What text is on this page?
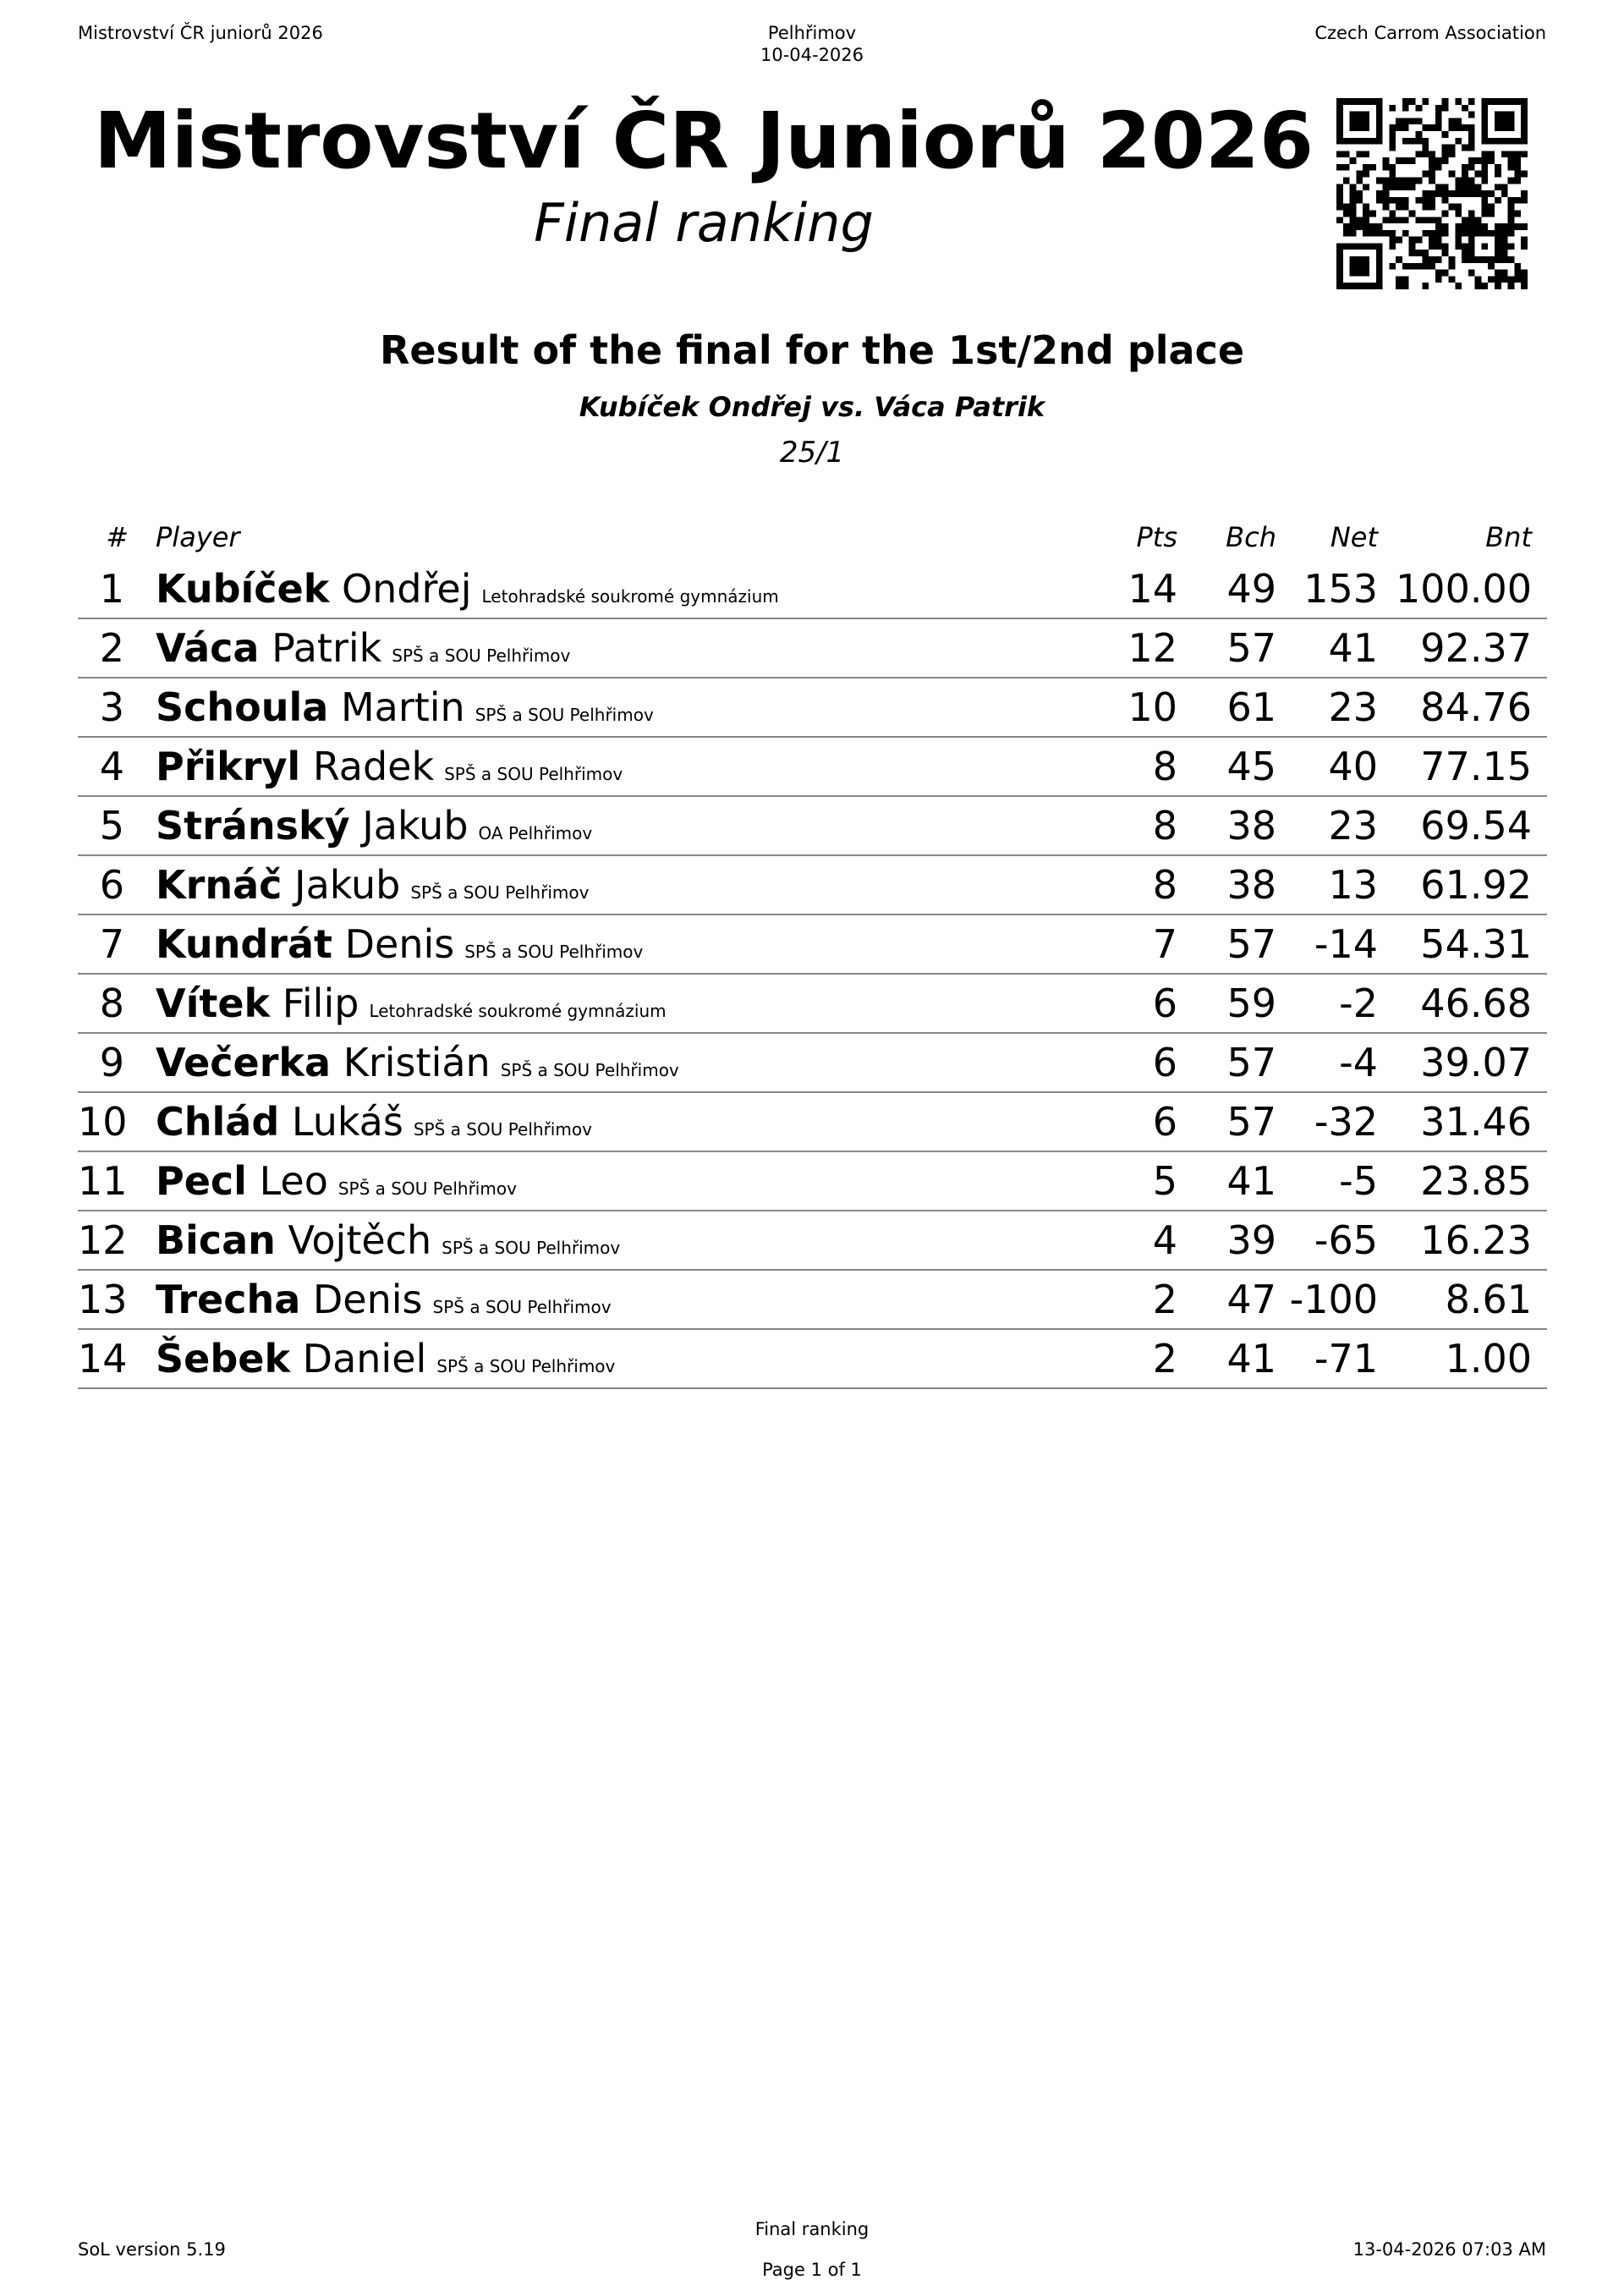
Mistrovství ČR juniorů 2026	Pelhřimov
10-04-2026
Czech Carrom Association
Mistrovství ČR Juniorů 2026
Final ranking
Result of the final for the 1st/2nd place
Kubíček Ondřej vs. Váca Patrik
25/1
# Player	Pts Bch Net	Bnt
1 Kubíček Ondřej Letohradské soukromé gymnázium	14 49 153 100.00
2 Váca Patrik SPŠ a SOU Pelhřimov	12 57 41 92.37
3 Schoula Martin SPŠ a SOU Pelhřimov	10 61 23 84.76
4 Přikryl Radek SPŠ a SOU Pelhřimov	8 45 40 77.15
5 Stránský Jakub OA Pelhřimov	8 38 23 69.54
6 Krnáč Jakub SPŠ a SOU Pelhřimov	8 38 13 61.92
7 Kundrát Denis SPŠ a SOU Pelhřimov	7 57 -14 54.31
8 Vítek Filip Letohradské soukromé gymnázium	6 59 -2 46.68
9 Večerka Kristián SPŠ a SOU Pelhřimov	6 57 -4 39.07
10 Chlád Lukáš SPŠ a SOU Pelhřimov	6 57 -32 31.46
11 Pecl Leo SPŠ a SOU Pelhřimov	5 41 -5 23.85
12 Bican Vojtěch SPŠ a SOU Pelhřimov	4 39 -65 16.23
13 Trecha Denis SPŠ a SOU Pelhřimov	2 47 -100 8.61
14 Šebek Daniel SPŠ a SOU Pelhřimov	2 41 -71 1.00
SoL version 5.19
Final ranking
Page 1 of 1
13-04-2026 07:03 AM
